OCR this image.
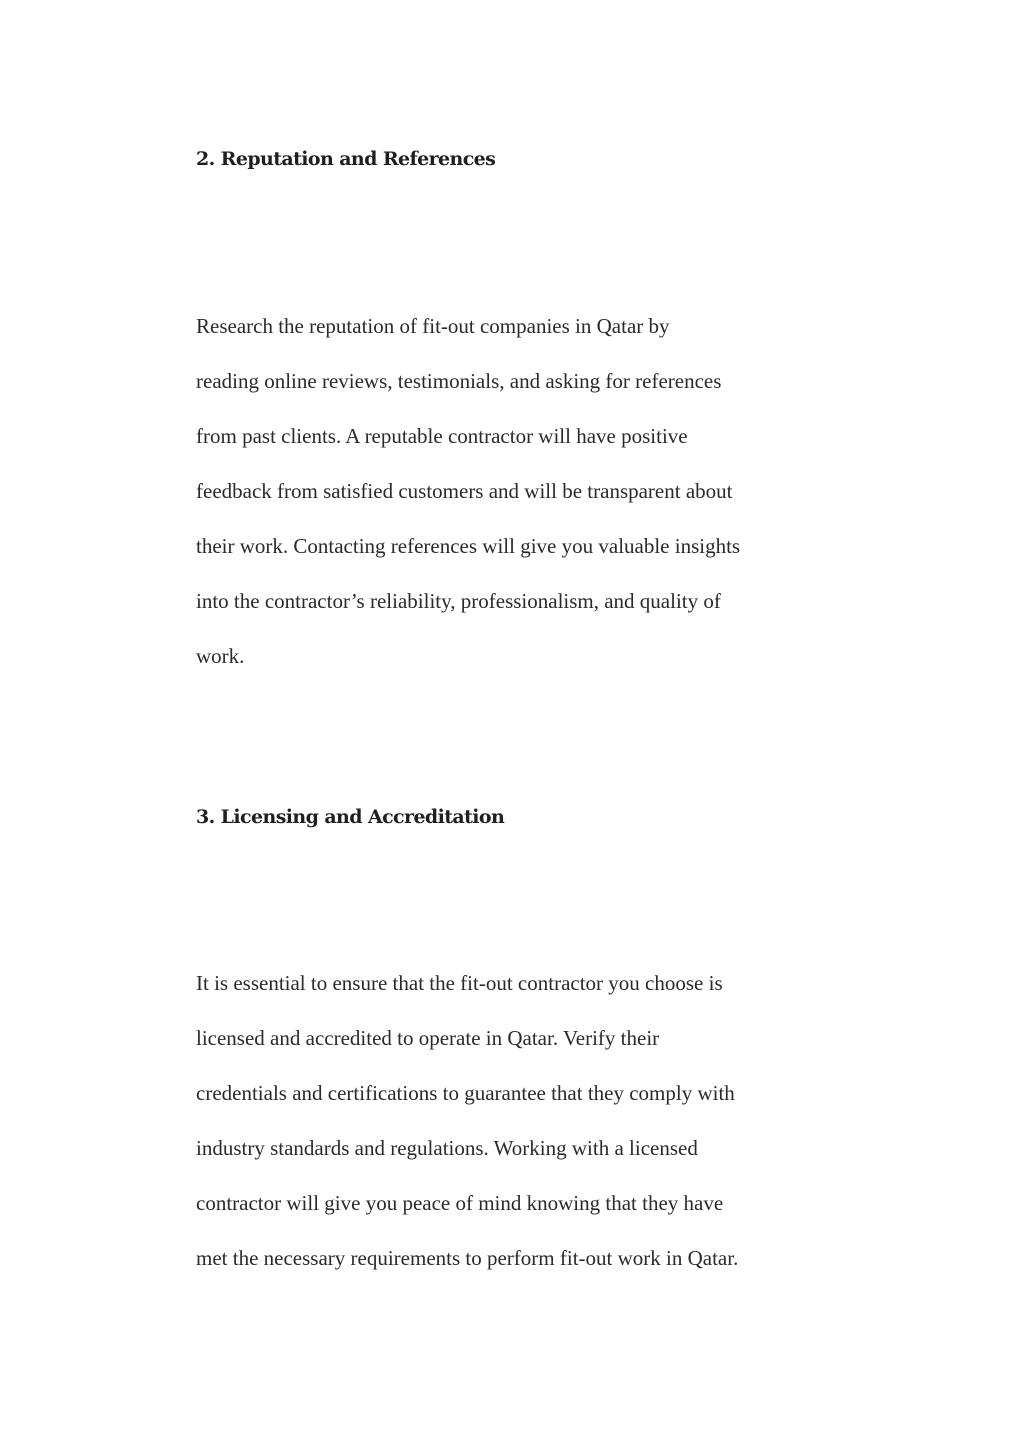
2. Reputation and References

Research the reputation of fit-out companies in Qatar by
reading online reviews, testimonials, and asking for references
from past clients. A reputable contractor will have positive
feedback from satisfied customers and will be transparent about
their work. Contacting references will give you valuable insights
into the contractor’s reliability, professionalism, and quality of
work.

3. Licensing and Accreditation

It is essential to ensure that the fit-out contractor you choose is
licensed and accredited to operate in Qatar. Verify their
credentials and certifications to guarantee that they comply with
industry standards and regulations. Working with a licensed
contractor will give you peace of mind knowing that they have
met the necessary requirements to perform fit-out work in Qatar.
